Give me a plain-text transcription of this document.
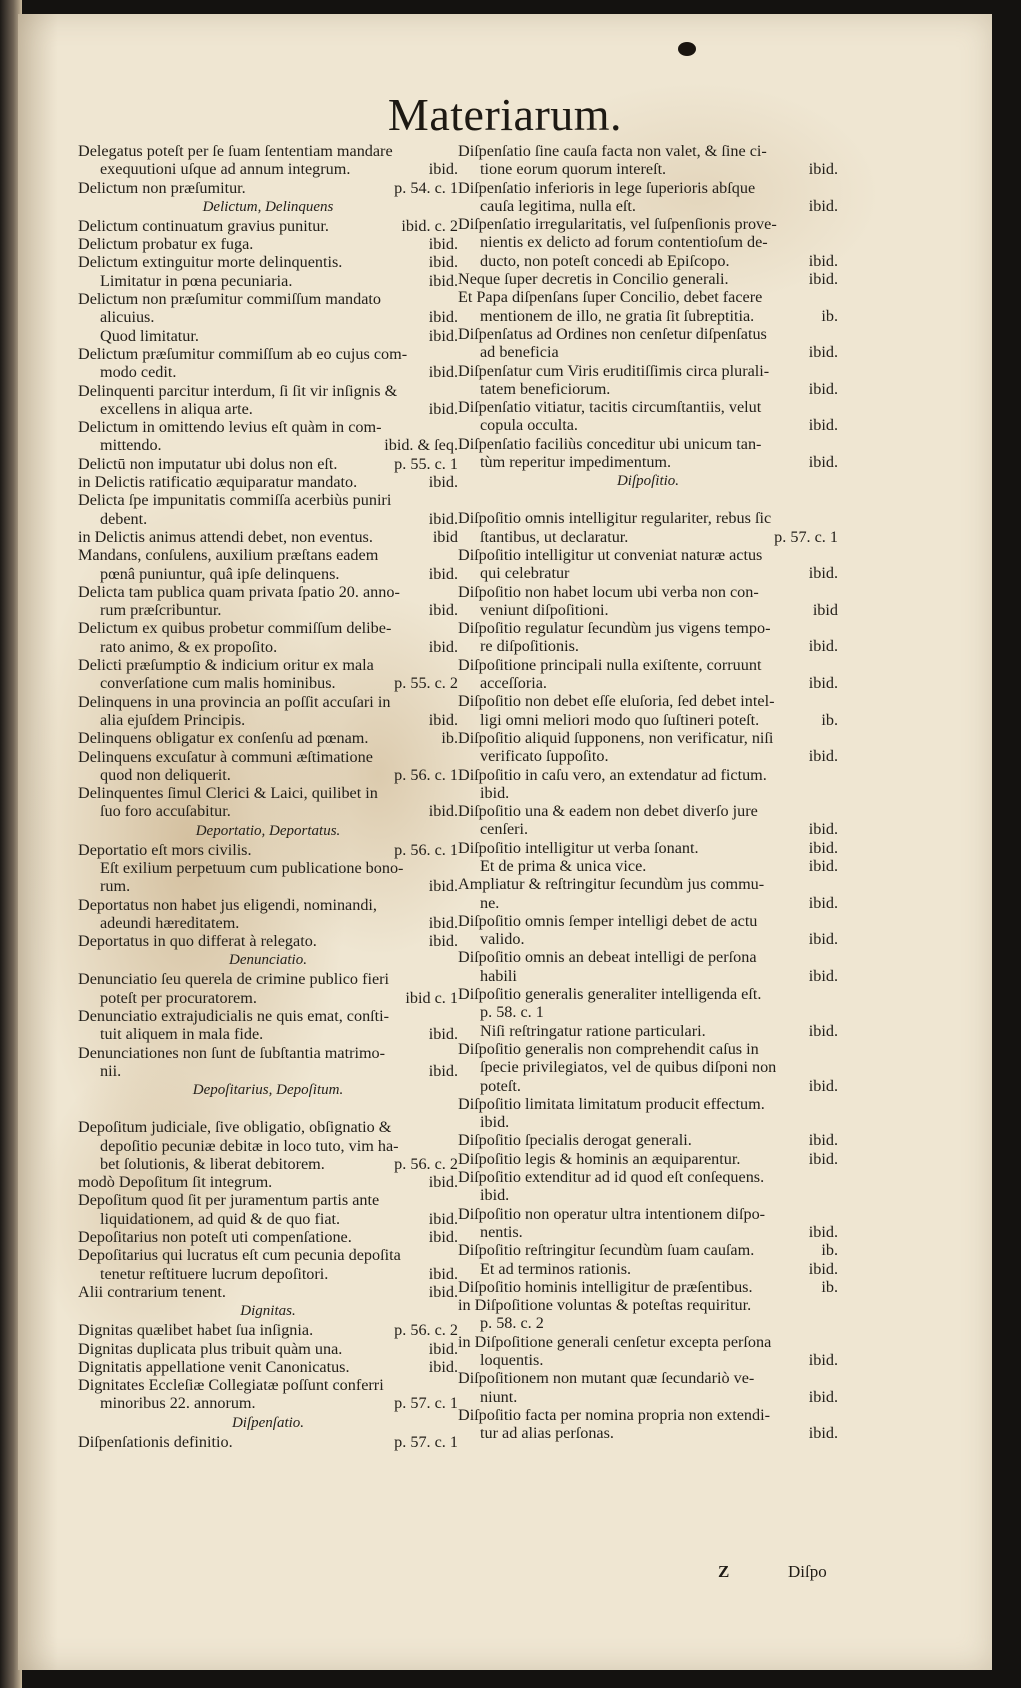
Materiarum.
Delegatus poteſt per ſe ſuam ſententiam mandare
exequutioni uſque ad annum integrum.	ibid.
Delictum non præſumitur.	p. 54. c. 1
Delictum, Delinquens
Delictum continuatum gravius punitur.	ibid. c. 2
Delictum probatur ex fuga.	ibid.
Delictum extinguitur morte delinquentis.	ibid.
Limitatur in pœna pecuniaria.	ibid.
Delictum non præſumitur commiſſum mandato
alicuius.	ibid.
Quod limitatur.	ibid.
Delictum præſumitur commiſſum ab eo cujus com-
modo cedit.	ibid.
Delinquenti parcitur interdum, ſi ſit vir inſignis &
excellens in aliqua arte.	ibid.
Delictum in omittendo levius eſt quàm in com-
mittendo.	ibid. & ſeq.
Delictū non imputatur ubi dolus non eſt.	p. 55. c. 1
in Delictis ratificatio æquiparatur mandato.	ibid.
Delicta ſpe impunitatis commiſſa acerbiùs puniri
debent.	ibid.
in Delictis animus attendi debet, non eventus.	ibid
Mandans, conſulens, auxilium præſtans eadem
pœnâ puniuntur, quâ ipſe delinquens.	ibid.
Delicta tam publica quam privata ſpatio 20. anno-
rum præſcribuntur.	ibid.
Delictum ex quibus probetur commiſſum delibe-
rato animo, & ex propoſito.	ibid.
Delicti præſumptio & indicium oritur ex mala
converſatione cum malis hominibus.	p. 55. c. 2
Delinquens in una provincia an poſſit accuſari in
alia ejuſdem Principis.	ibid.
Delinquens obligatur ex conſenſu ad pœnam.	ib.
Delinquens excuſatur à communi æſtimatione
quod non deliquerit.	p. 56. c. 1
Delinquentes ſimul Clerici & Laici, quilibet in
ſuo foro accuſabitur.	ibid.
Deportatio, Deportatus.
Deportatio eſt mors civilis.	p. 56. c. 1
Eſt exilium perpetuum cum publicatione bono-
rum.	ibid.
Deportatus non habet jus eligendi, nominandi,
adeundi hæreditatem.	ibid.
Deportatus in quo differat à relegato.	ibid.
Denunciatio.
Denunciatio ſeu querela de crimine publico fieri
poteſt per procuratorem.	ibid c. 1
Denunciatio extrajudicialis ne quis emat, conſti-
tuit aliquem in mala fide.	ibid.
Denunciationes non ſunt de ſubſtantia matrimo-
nii.	ibid.
Depoſitarius, Depoſitum.
Depoſitum judiciale, ſive obligatio, obſignatio &
depoſitio pecuniæ debitæ in loco tuto, vim ha-
bet ſolutionis, & liberat debitorem.	p. 56. c. 2
modò Depoſitum ſit integrum.	ibid.
Depoſitum quod ſit per juramentum partis ante
liquidationem, ad quid & de quo fiat.	ibid.
Depoſitarius non poteſt uti compenſatione.	ibid.
Depoſitarius qui lucratus eſt cum pecunia depoſita
tenetur reſtituere lucrum depoſitori.	ibid.
Alii contrarium tenent.	ibid.
Dignitas.
Dignitas quælibet habet ſua inſignia.	p. 56. c. 2
Dignitas duplicata plus tribuit quàm una.	ibid.
Dignitatis appellatione venit Canonicatus.	ibid.
Dignitates Eccleſiæ Collegiatæ poſſunt conferri
minoribus 22. annorum.	p. 57. c. 1
Diſpenſatio.
Diſpenſationis definitio.	p. 57. c. 1
Diſpenſatio ſine cauſa facta non valet, & ſine ci-
tione eorum quorum intereſt.	ibid.
Diſpenſatio inferioris in lege ſuperioris abſque
cauſa legitima, nulla eſt.	ibid.
Diſpenſatio irregularitatis, vel ſuſpenſionis prove-
nientis ex delicto ad forum contentioſum de-
ducto, non poteſt concedi ab Epiſcopo.	ibid.
Neque ſuper decretis in Concilio generali.	ibid.
Et Papa diſpenſans ſuper Concilio, debet facere
mentionem de illo, ne gratia ſit ſubreptitia.	ib.
Diſpenſatus ad Ordines non cenſetur diſpenſatus
ad beneficia	ibid.
Diſpenſatur cum Viris eruditiſſimis circa plurali-
tatem beneficiorum.	ibid.
Diſpenſatio vitiatur, tacitis circumſtantiis, velut
copula occulta.	ibid.
Diſpenſatio faciliùs conceditur ubi unicum tan-
tùm reperitur impedimentum.	ibid.
Diſpoſitio.
Diſpoſitio omnis intelligitur regulariter, rebus ſic
ſtantibus, ut declaratur.	p. 57. c. 1
Diſpoſitio intelligitur ut conveniat naturæ actus
qui celebratur	ibid.
Diſpoſitio non habet locum ubi verba non con-
veniunt diſpoſitioni.	ibid
Diſpoſitio regulatur ſecundùm jus vigens tempo-
re diſpoſitionis.	ibid.
Diſpoſitione principali nulla exiſtente, corruunt
acceſſoria.	ibid.
Diſpoſitio non debet eſſe eluſoria, ſed debet intel-
ligi omni meliori modo quo ſuſtineri poteſt.	ib.
Diſpoſitio aliquid ſupponens, non verificatur, niſi
verificato ſuppoſito.	ibid.
Diſpoſitio in caſu vero, an extendatur ad fictum.
ibid.
Diſpoſitio una & eadem non debet diverſo jure
cenſeri.	ibid.
Diſpoſitio intelligitur ut verba ſonant.	ibid.
Et de prima & unica vice.	ibid.
Ampliatur & reſtringitur ſecundùm jus commu-
ne.	ibid.
Diſpoſitio omnis ſemper intelligi debet de actu
valido.	ibid.
Diſpoſitio omnis an debeat intelligi de perſona
habili	ibid.
Diſpoſitio generalis generaliter intelligenda eſt.
p. 58. c. 1
Niſi reſtringatur ratione particulari.	ibid.
Diſpoſitio generalis non comprehendit caſus in
ſpecie privilegiatos, vel de quibus diſponi non
poteſt.	ibid.
Diſpoſitio limitata limitatum producit effectum.
ibid.
Diſpoſitio ſpecialis derogat generali.	ibid.
Diſpoſitio legis & hominis an æquiparentur.	ibid.
Diſpoſitio extenditur ad id quod eſt conſequens.
ibid.
Diſpoſitio non operatur ultra intentionem diſpo-
nentis.	ibid.
Diſpoſitio reſtringitur ſecundùm ſuam cauſam.	ib.
Et ad terminos rationis.	ibid.
Diſpoſitio hominis intelligitur de præſentibus.	ib.
in Diſpoſitione voluntas & poteſtas requiritur.
p. 58. c. 2
in Diſpoſitione generali cenſetur excepta perſona
loquentis.	ibid.
Diſpoſitionem non mutant quæ ſecundariò ve-
niunt.	ibid.
Diſpoſitio facta per nomina propria non extendi-
tur ad alias perſonas.	ibid.
Z	Diſpo
